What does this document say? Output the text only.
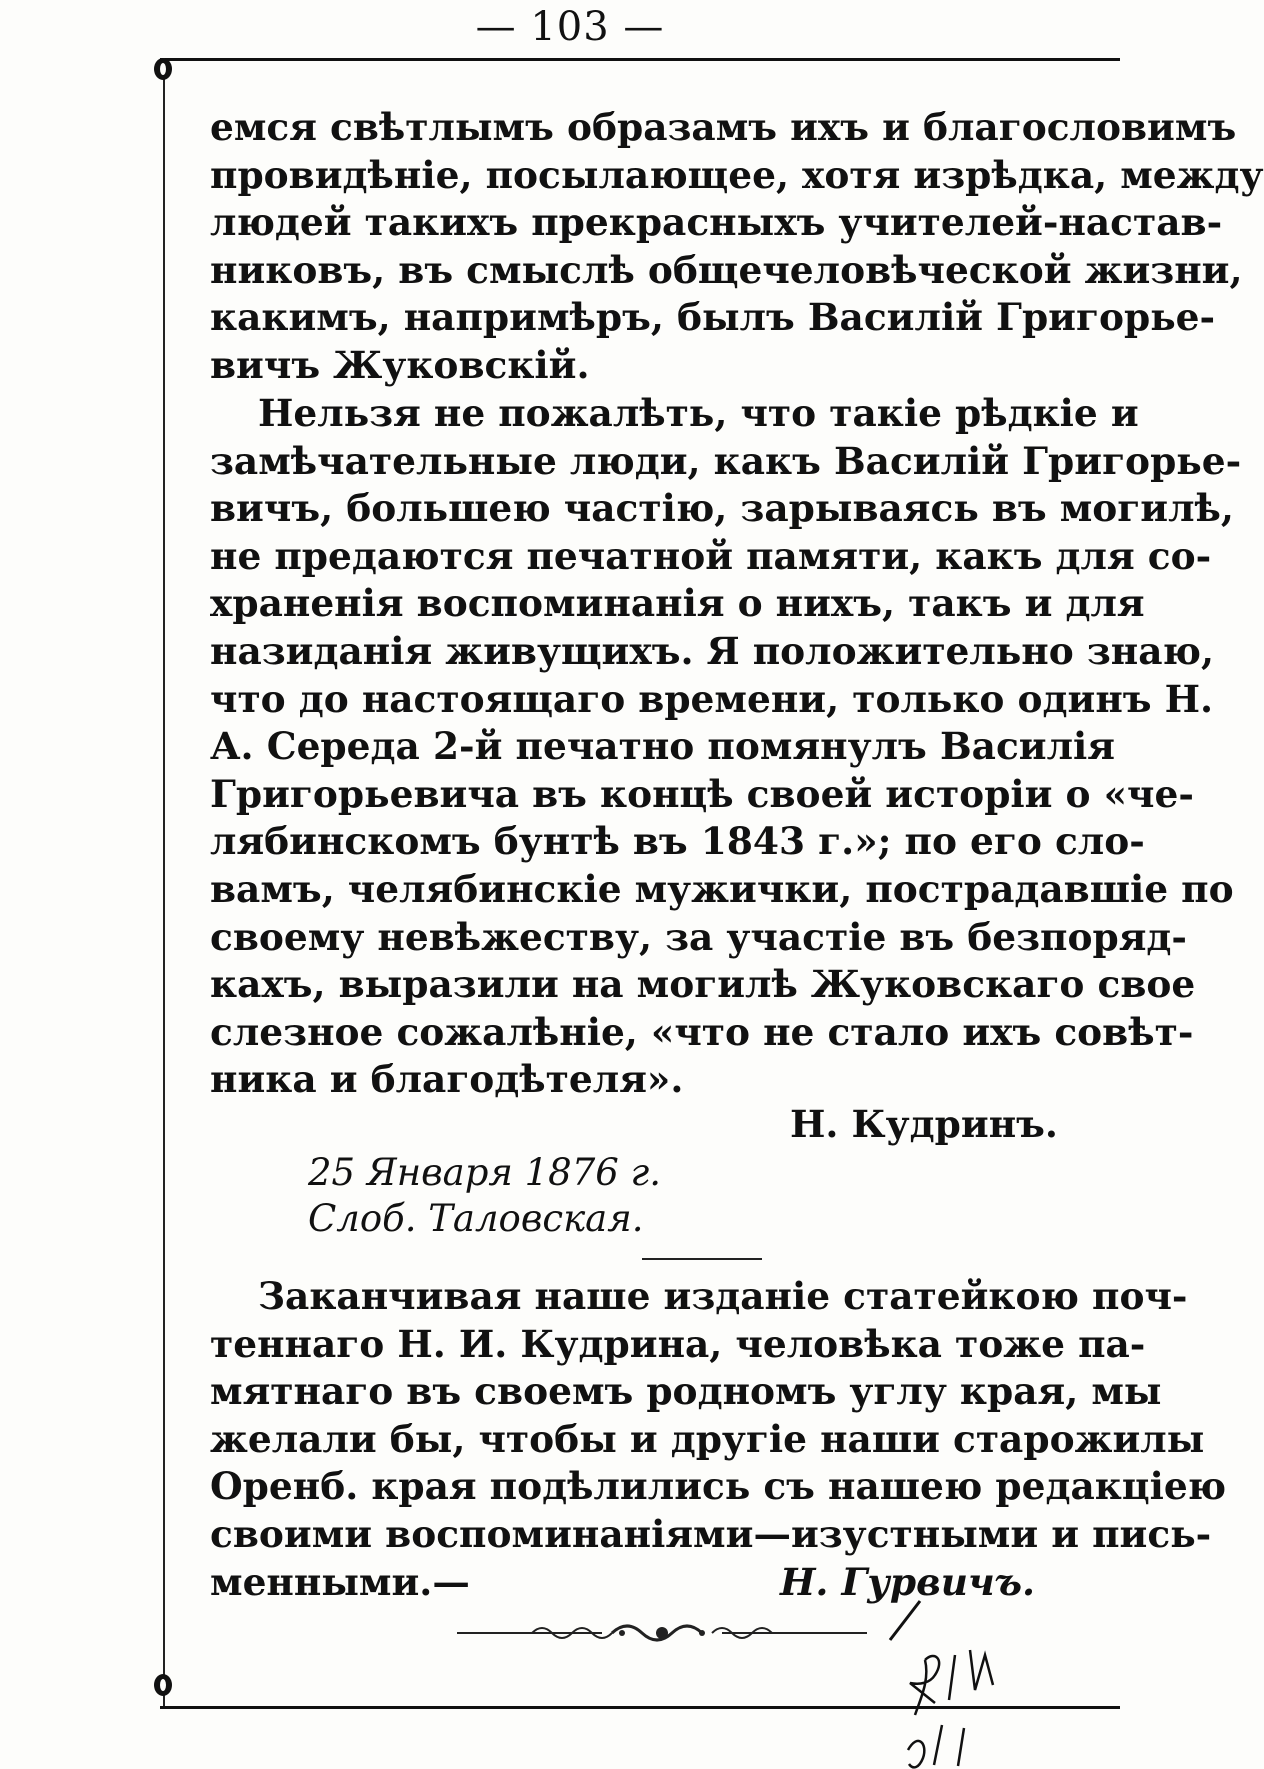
— 103 —
емся свѣтлымъ образамъ ихъ и благословимъ
провидѣніе, посылающее, хотя изрѣдка, между
людей такихъ прекрасныхъ учителей-настав-
никовъ, въ смыслѣ общечеловѣческой жизни,
какимъ, напримѣръ, былъ Василій Григорье-
вичъ Жуковскій.
Нельзя не пожалѣть, что такіе рѣдкіе и
замѣчательные люди, какъ Василій Григорье-
вичъ, большею частію, зарываясь въ могилѣ,
не предаются печатной памяти, какъ для со-
храненія воспоминанія о нихъ, такъ и для
назиданія живущихъ. Я положительно знаю,
что до настоящаго времени, только одинъ Н.
А. Середа 2-й печатно помянулъ Василія
Григорьевича въ концѣ своей исторіи о «че-
лябинскомъ бунтѣ въ 1843 г.»; по его сло-
вамъ, челябинскіе мужички, пострадавшіе по
своему невѣжеству, за участіе въ безпоряд-
кахъ, выразили на могилѣ Жуковскаго свое
слезное сожалѣніе, «что не стало ихъ совѣт-
ника и благодѣтеля».
Н. Кудринъ.
25 Января 1876 г.
Слоб. Таловская.
Заканчивая наше изданіе статейкою поч-
теннаго Н. И. Кудрина, человѣка тоже па-
мятнаго въ своемъ родномъ углу края, мы
желали бы, чтобы и другіе наши старожилы
Оренб. края подѣлились съ нашею редакціею
своими воспоминаніями—изустными и пись-
менными.—	Н. Гурвичъ.
